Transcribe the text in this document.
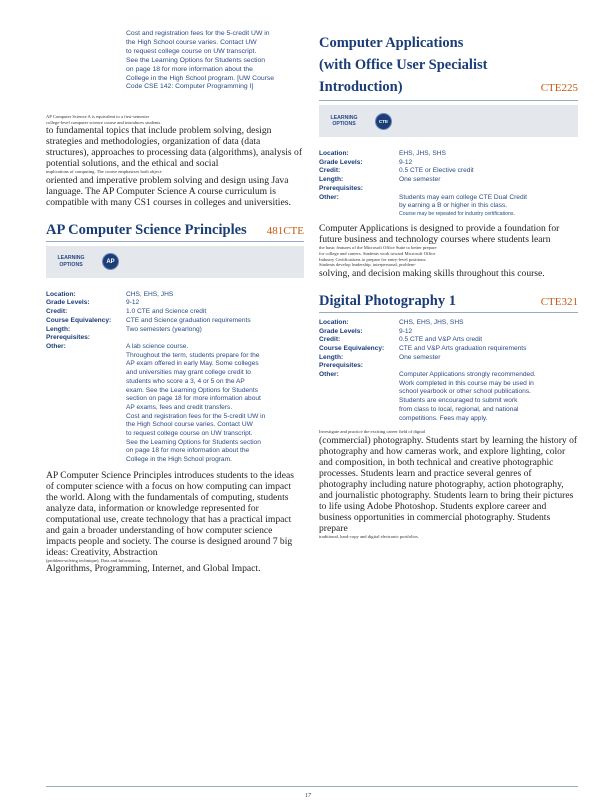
Cost and registration fees for the 5-credit UW in

the High School course varies. Contact UW

to request college course on UW transcript.

See the Learning Options for Students section

on page 18 for more information about the

College in the High School program. [UW Course

Code CSE 142: Computer Programming I]

AP Computer Science A is equivalent to a first-semester

college-level computer science course and introduces students

to fundamental topics that include problem solving, design strategies and methodologies, organization of data (data structures), approaches to processing data (algorithms), analysis of potential solutions, and the ethical and social

implications of computing. The course emphasizes both object-

oriented and imperative problem solving and design using Java language. The AP Computer Science A course curriculum is compatible with many CS1 courses in colleges and universities.

AP Computer Science Principles 481CTE
LEARNING
OPTIONS	AP
Location:	CHS, EHS, JHS

Grade Levels:	9-12

Credit:	1.0 CTE and Science credit

Course Equivalency:	CTE and Science graduation requirements

Length:	Two semesters (yearlong)

Prerequisites:

Other:	A lab science course.

Throughout the term, students prepare for the

AP exam offered in early May. Some colleges

and universities may grant college credit to

students who score a 3, 4 or 5 on the AP

exam. See the Learning Options for Students

section on page 18 for more information about

AP exams, fees and credit transfers.

Cost and registration fees for the 5-credit UW in

the High School course varies. Contact UW

to request college course on UW transcript.

See the Learning Options for Students section

on page 18 for more information about the

College in the High School program.

AP Computer Science Principles introduces students to the ideas of computer science with a focus on how computing can impact the world. Along with the fundamentals of computing, students analyze data, information or knowledge represented for computational use, create technology that has a practical impact and gain a broader understanding of how computer science impacts people and society. The course is designed around 7 big ideas: Creativity, Abstraction

(problem-solving technique), Data and Information,

Algorithms, Programming, Internet, and Global Impact.

Computer Applications
(with Office User Specialist
Introduction)	CTE225
LEARNING
OPTIONS	CTE
Location:	EHS, JHS, SHS

Grade Levels:	9-12

Credit:	0.5 CTE or Elective credit

Length:	One semester

Prerequisites:

Other:	Students may earn college CTE Dual Credit

by earning a B or higher in this class.

Course may be repeated for industry certifications.

Computer Applications is designed to provide a foundation for future business and technology courses where students learn

the basic features of the Microsoft Office Suite to better prepare

for college and careers. Students work toward Microsoft Office

Industry Certifications to prepare for entry-level positions.

Students develop leadership, interpersonal, problem-

solving, and decision making skills throughout this course.

Digital Photography 1	CTE321
Location:	CHS, EHS, JHS, SHS

Grade Levels:	9-12

Credit:	0.5 CTE and V&P Arts credit

Course Equivalency:	CTE and V&P Arts graduation requirements

Length:	One semester

Prerequisites:

Other:	Computer Applications strongly recommended.

Work completed in this course may be used in

school yearbook or other school publications.

Students are encouraged to submit work

from class to local, regional, and national

competitions. Fees may apply.

Investigate and practice the exciting career field of digital

(commercial) photography. Students start by learning the history of photography and how cameras work, and explore lighting, color and composition, in both technical and creative photographic processes. Students learn and practice several genres of photography including nature photography, action photography, and journalistic photography. Students learn to bring their pictures to life using Adobe Photoshop. Students explore career and business opportunities in commercial photography. Students prepare

traditional, hard-copy and digital electronic portfolios.

17
